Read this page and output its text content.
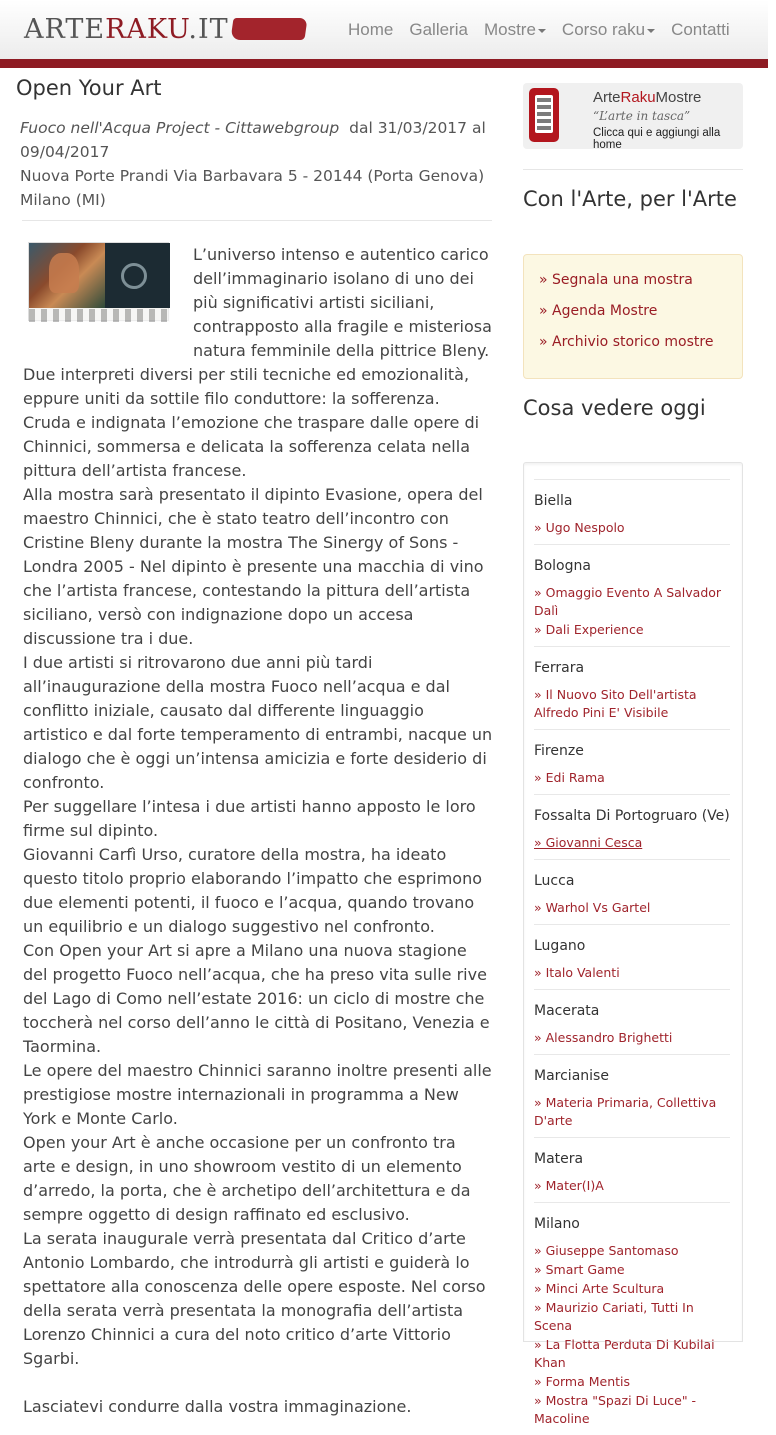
ARTERAKU.IT	Home Galleria Mostre Corso raku Contatti
Open Your Art
Fuoco nell'Acqua Project - Cittawebgroup dal 31/03/2017 al 09/04/2017
Nuova Porte Prandi Via Barbavara 5 - 20144 (Porta Genova) Milano (MI)

L’universo intenso e autentico carico dell’immaginario isolano di uno dei più significativi artisti siciliani, contrapposto alla fragile e misteriosa natura femminile della pittrice Bleny.

Due interpreti diversi per stili tecniche ed emozionalità, eppure uniti da sottile filo conduttore: la sofferenza.

Cruda e indignata l’emozione che traspare dalle opere di Chinnici, sommersa e delicata la sofferenza celata nella pittura dell’artista francese.

Alla mostra sarà presentato il dipinto Evasione, opera del maestro Chinnici, che è stato teatro dell’incontro con Cristine Bleny durante la mostra The Sinergy of Sons - Londra 2005 - Nel dipinto è presente una macchia di vino che l’artista francese, contestando la pittura dell’artista siciliano, versò con indignazione dopo un accesa discussione tra i due.

I due artisti si ritrovarono due anni più tardi all’inaugurazione della mostra Fuoco nell’acqua e dal conflitto iniziale, causato dal differente linguaggio artistico e dal forte temperamento di entrambi, nacque un dialogo che è oggi un’intensa amicizia e forte desiderio di confronto.

Per suggellare l’intesa i due artisti hanno apposto le loro firme sul dipinto.

Giovanni Carfì Urso, curatore della mostra, ha ideato questo titolo proprio elaborando l’impatto che esprimono due elementi potenti, il fuoco e l’acqua, quando trovano un equilibrio e un dialogo suggestivo nel confronto.

Con Open your Art si apre a Milano una nuova stagione del progetto Fuoco nell’acqua, che ha preso vita sulle rive del Lago di Como nell’estate 2016: un ciclo di mostre che toccherà nel corso dell’anno le città di Positano, Venezia e Taormina.

Le opere del maestro Chinnici saranno inoltre presenti alle prestigiose mostre internazionali in programma a New York e Monte Carlo.

Open your Art è anche occasione per un confronto tra arte e design, in uno showroom vestito di un elemento d’arredo, la porta, che è archetipo dell’architettura e da sempre oggetto di design raffinato ed esclusivo.

La serata inaugurale verrà presentata dal Critico d’arte Antonio Lombardo, che introdurrà gli artisti e guiderà lo spettatore alla conoscenza delle opere esposte. Nel corso della serata verrà presentata la monografia dell’artista Lorenzo Chinnici a cura del noto critico d’arte Vittorio Sgarbi.

Lasciatevi condurre dalla vostra immaginazione.

ArteRakuMostre
“L’arte in tasca”
Clicca qui e aggiungi alla home
Con l'Arte, per l'Arte
» Segnala una mostra
» Agenda Mostre
» Archivio storico mostre
Cosa vedere oggi
Biella
» Ugo Nespolo
Bologna
» Omaggio Evento A Salvador Dalì
» Dali Experience
Ferrara
» Il Nuovo Sito Dell'artista Alfredo Pini E' Visibile
Firenze
» Edi Rama
Fossalta Di Portogruaro (Ve)
» Giovanni Cesca
Lucca
» Warhol Vs Gartel
Lugano
» Italo Valenti
Macerata
» Alessandro Brighetti
Marcianise
» Materia Primaria, Collettiva D'arte
Matera
» Mater(I)A
Milano
» Giuseppe Santomaso
» Smart Game
» Minci Arte Scultura
» Maurizio Cariati, Tutti In Scena
» La Flotta Perduta Di Kubilai Khan
» Forma Mentis
» Mostra "Spazi Di Luce" - Macoline
